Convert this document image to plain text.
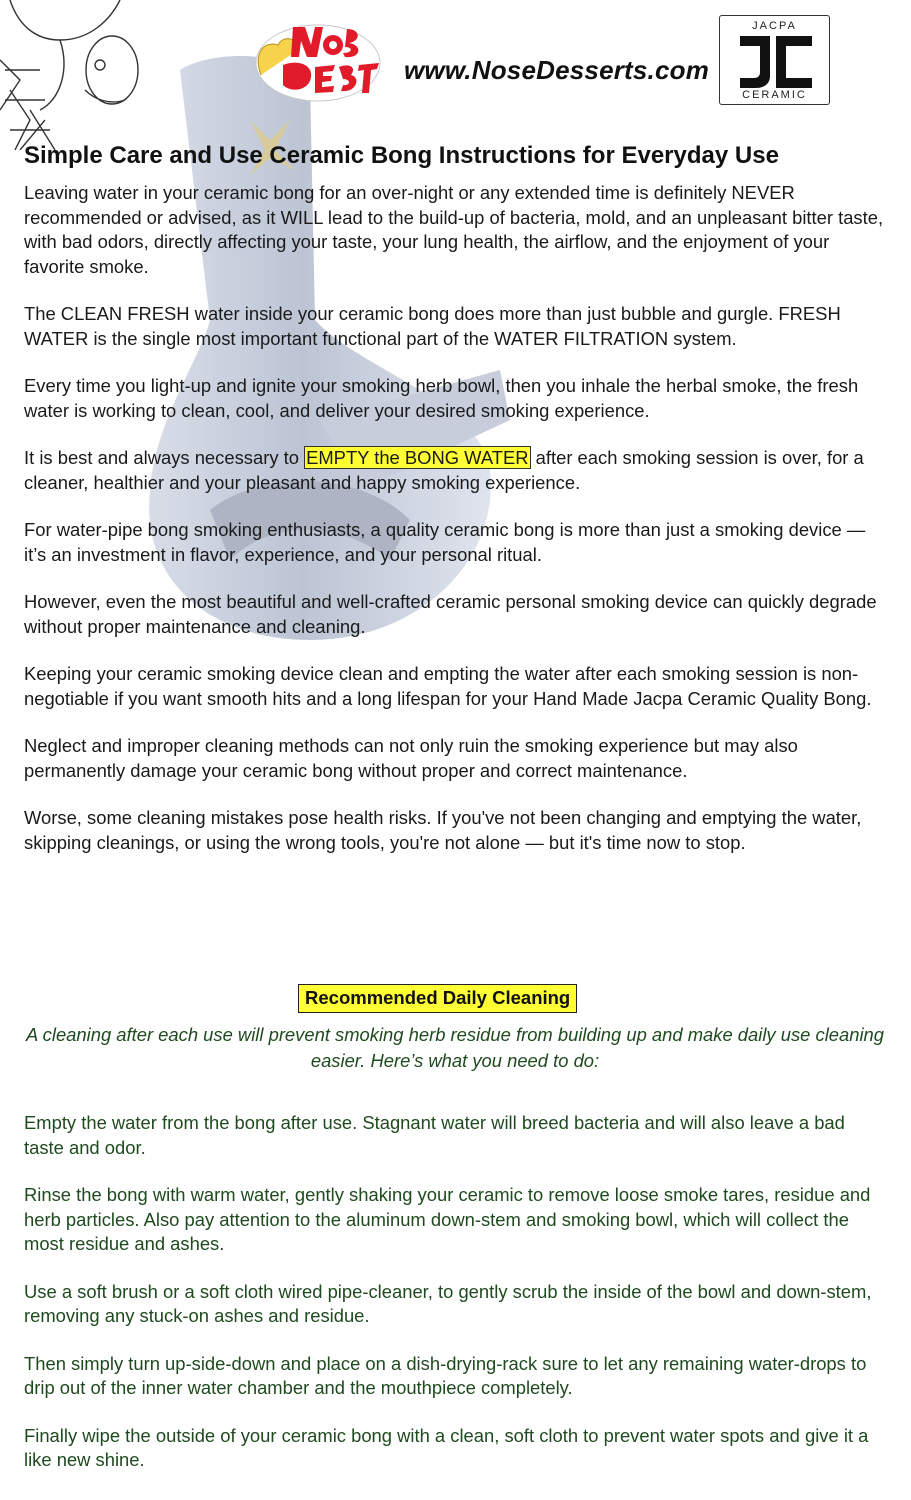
www.NoseDesserts.com
JACPA
CERAMIC
Simple Care and Use Ceramic Bong Instructions for Everyday Use

Leaving water in your ceramic bong for an over-night or any extended time is definitely NEVER recommended or advised, as it WILL lead to the build-up of bacteria, mold, and an unpleasant bitter taste, with bad odors, directly affecting your taste, your lung health, the airflow, and the enjoyment of your favorite smoke.

The CLEAN FRESH water inside your ceramic bong does more than just bubble and gurgle. FRESH WATER is the single most important functional part of the WATER FILTRATION system.

Every time you light-up and ignite your smoking herb bowl, then you inhale the herbal smoke, the fresh water is working to clean, cool, and deliver your desired smoking experience.

It is best and always necessary to EMPTY the BONG WATER after each smoking session is over, for a cleaner, healthier and your pleasant and happy smoking experience.

For water-pipe bong smoking enthusiasts, a quality ceramic bong is more than just a smoking device — it’s an investment in flavor, experience, and your personal ritual.

However, even the most beautiful and well-crafted ceramic personal smoking device can quickly degrade without proper maintenance and cleaning.

Keeping your ceramic smoking device clean and empting the water after each smoking session is non-negotiable if you want smooth hits and a long lifespan for your Hand Made Jacpa Ceramic Quality Bong.

Neglect and improper cleaning methods can not only ruin the smoking experience but may also permanently damage your ceramic bong without proper and correct maintenance.

Worse, some cleaning mistakes pose health risks. If you've not been changing and emptying the water, skipping cleanings, or using the wrong tools, you're not alone — but it's time now to stop.

Recommended Daily Cleaning

A cleaning after each use will prevent smoking herb residue from building up and make daily use cleaning easier. Here’s what you need to do:

Empty the water from the bong after use. Stagnant water will breed bacteria and will also leave a bad taste and odor.

Rinse the bong with warm water, gently shaking your ceramic to remove loose smoke tares, residue and herb particles. Also pay attention to the aluminum down-stem and smoking bowl, which will collect the most residue and ashes.

Use a soft brush or a soft cloth wired pipe-cleaner, to gently scrub the inside of the bowl and down-stem, removing any stuck-on ashes and residue.

Then simply turn up-side-down and place on a dish-drying-rack sure to let any remaining water-drops to drip out of the inner water chamber and the mouthpiece completely.

Finally wipe the outside of your ceramic bong with a clean, soft cloth to prevent water spots and give it a like new shine.
